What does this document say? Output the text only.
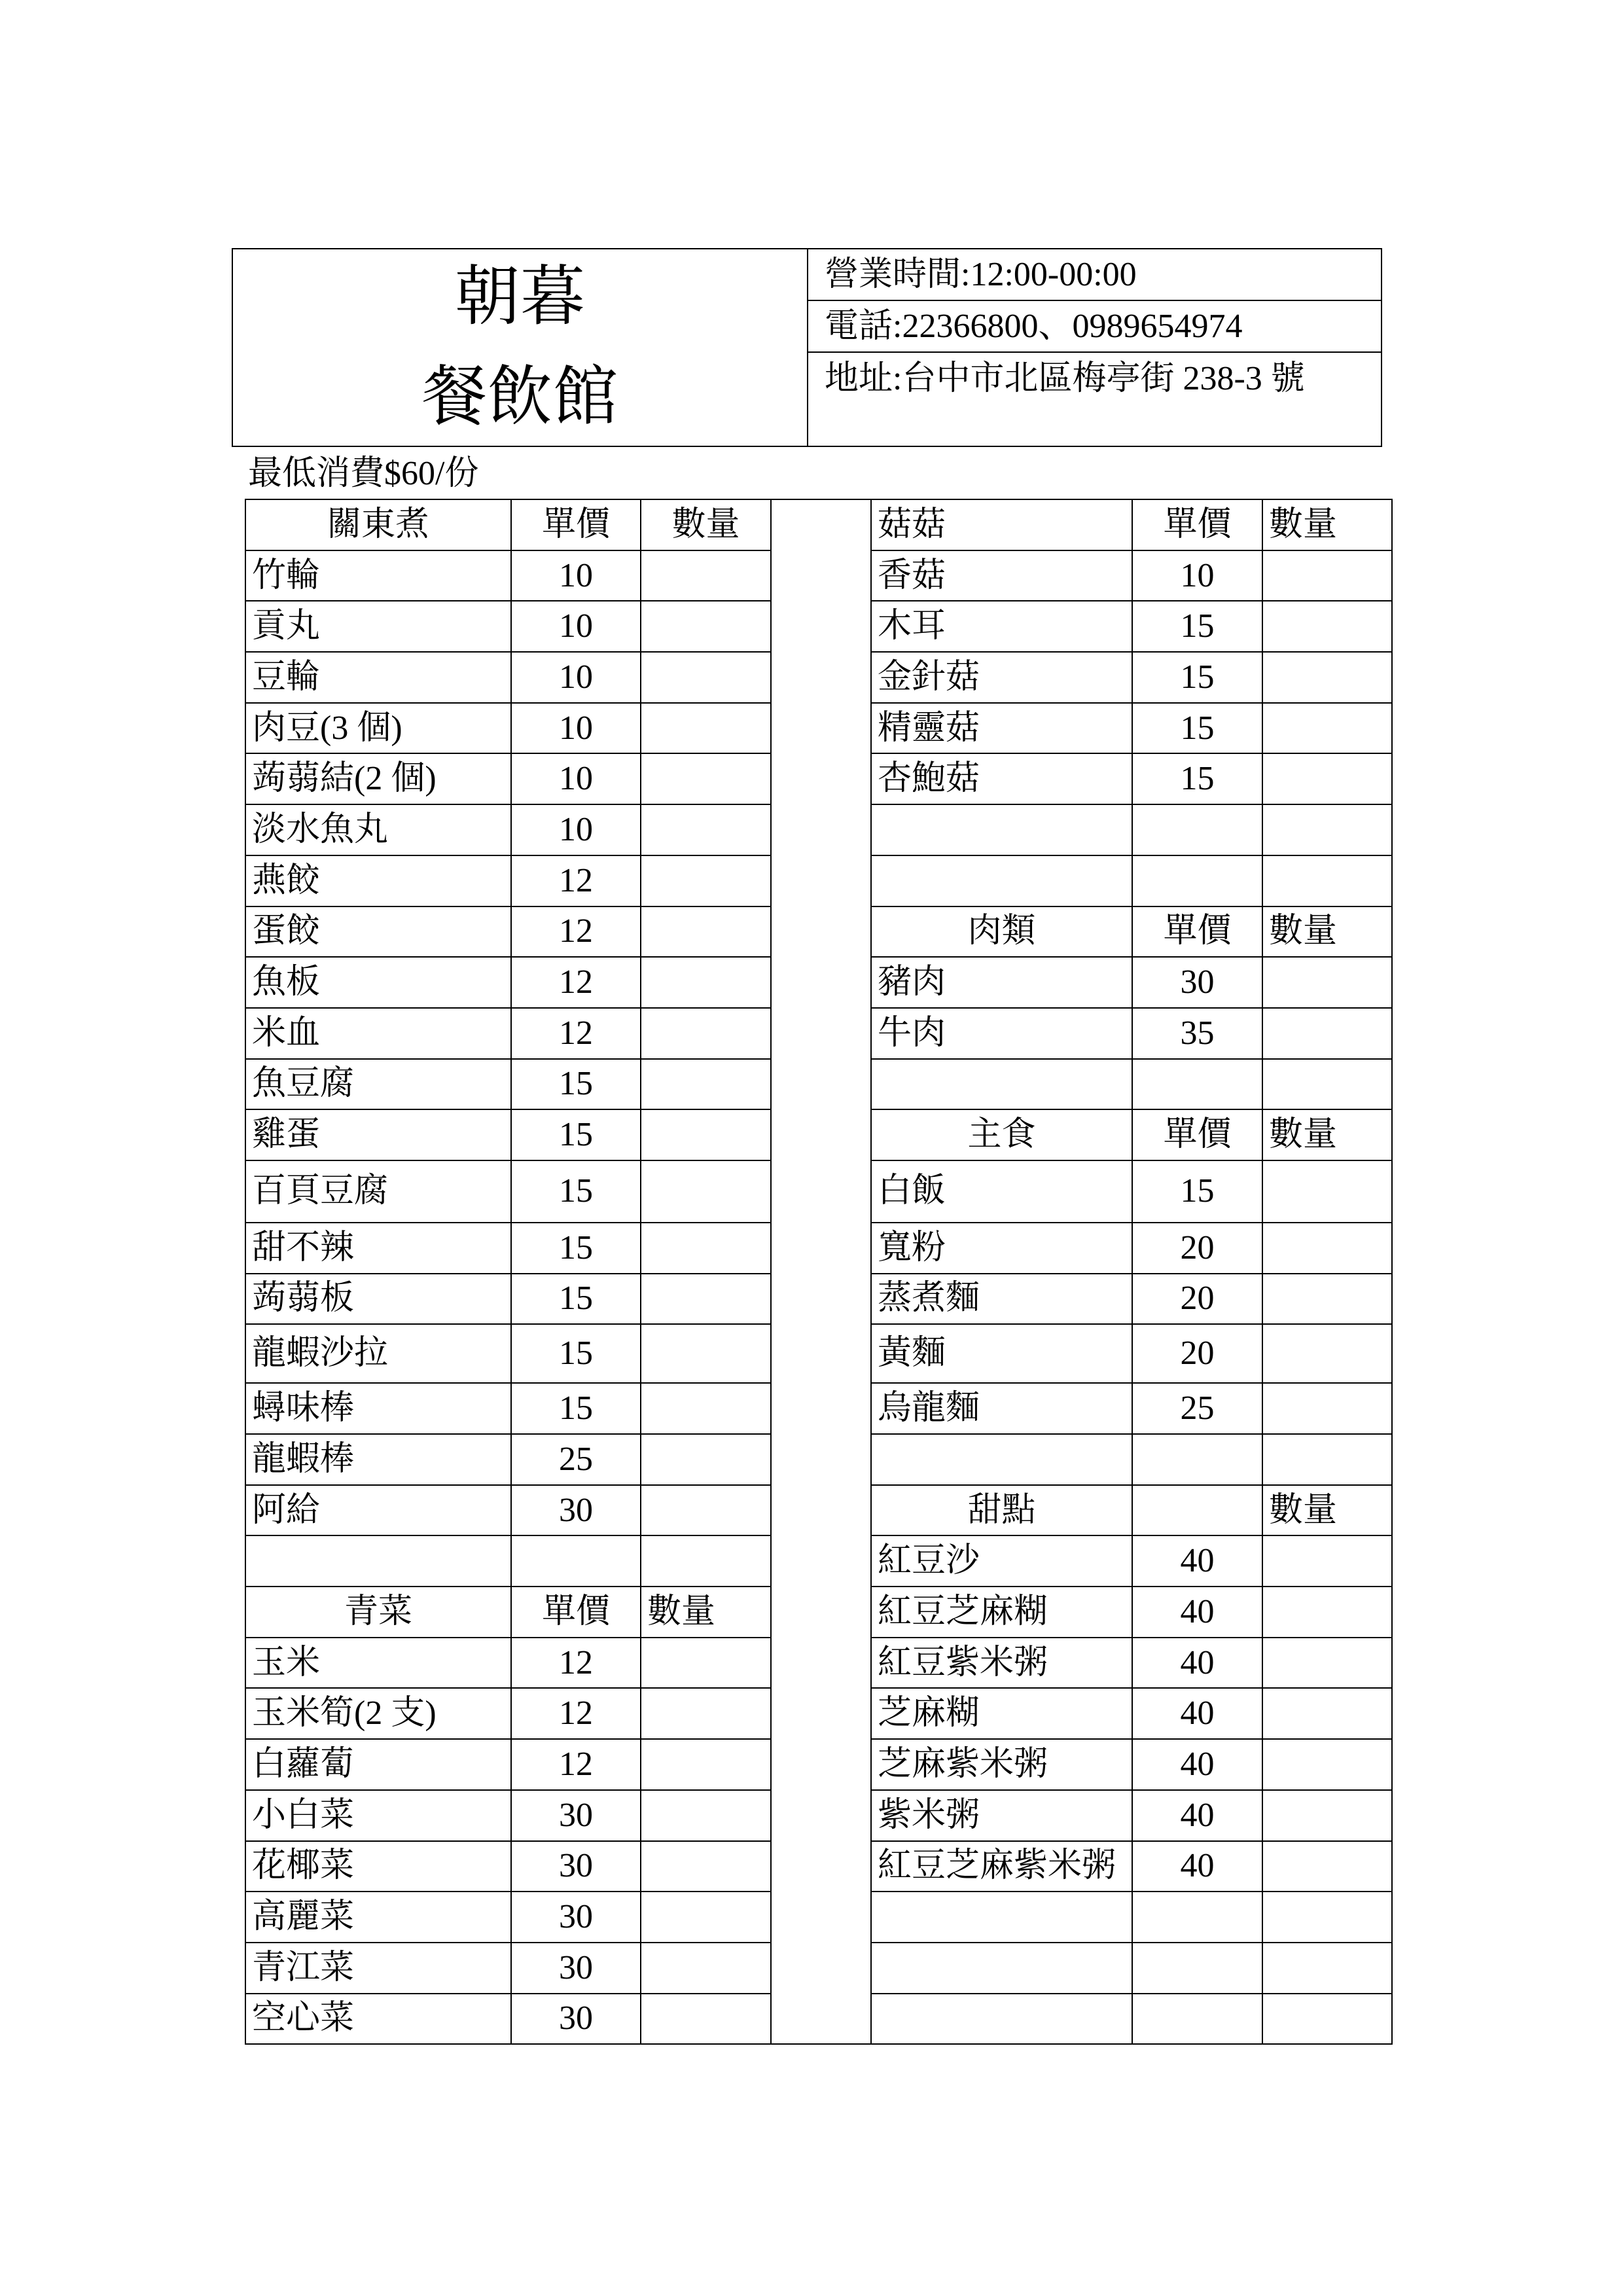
朝暮
餐飲館
營業時間:12:00-00:00
電話:22366800、0989654974
地址:台中市北區梅亭街 238-3 號
最低消費$60/份
關東煮	單價	數量		菇菇	單價	數量
竹輪	10			香菇	10	
貢丸	10			木耳	15	
豆輪	10			金針菇	15	
肉豆(3 個)	10			精靈菇	15	
蒟蒻結(2 個)	10			杏鮑菇	15	
淡水魚丸	10					
燕餃	12					
蛋餃	12			肉類	單價	數量
魚板	12			豬肉	30	
米血	12			牛肉	35	
魚豆腐	15					
雞蛋	15			主食	單價	數量
百頁豆腐	15			白飯	15	
甜不辣	15			寬粉	20	
蒟蒻板	15			蒸煮麵	20	
龍蝦沙拉	15			黃麵	20	
蟳味棒	15			烏龍麵	25	
龍蝦棒	25					
阿給	30			甜點		數量
				紅豆沙	40	
青菜	單價	數量		紅豆芝麻糊	40	
玉米	12			紅豆紫米粥	40	
玉米筍(2 支)	12			芝麻糊	40	
白蘿蔔	12			芝麻紫米粥	40	
小白菜	30			紫米粥	40	
花椰菜	30			紅豆芝麻紫米粥	40	
高麗菜	30					
青江菜	30					
空心菜	30					
